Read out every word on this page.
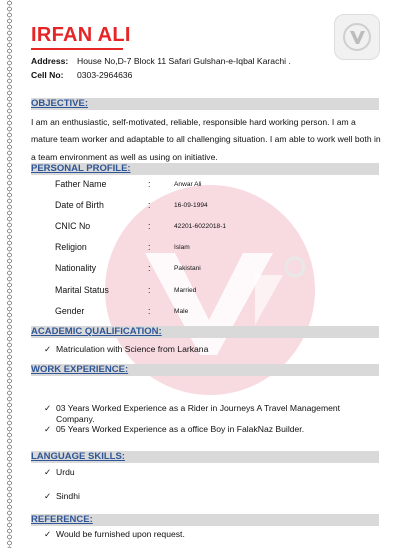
IRFAN ALI
Address: House No,D-7 Block 11 Safari Gulshan-e-Iqbal Karachi .
Cell No: 0303-2964636
OBJECTIVE:

I am an enthusiastic, self-motivated, reliable, responsible hard working person. I am a mature team worker and adaptable to all challenging situation. I am able to work well both in a team environment as well as using on initiative.

PERSONAL PROFILE:
Father Name	:	Anwar Ali
Date of Birth	:	16-09-1994
CNIC No	:	42201-6022018-1
Religion	:	Islam
Nationality	:	Pakistani
Marital Status	:	Married
Gender	:	Male
ACADEMIC QUALIFICATION:
✓ Matriculation with Science from Larkana
WORK EXPERIENCE:
✓ 03 Years Worked Experience as a Rider in Journeys A Travel Management Company.
✓ 05 Years Worked Experience as a office Boy in FalakNaz Builder.
LANGUAGE SKILLS:
✓ Urdu
✓ Sindhi
REFERENCE:
✓ Would be furnished upon request.
